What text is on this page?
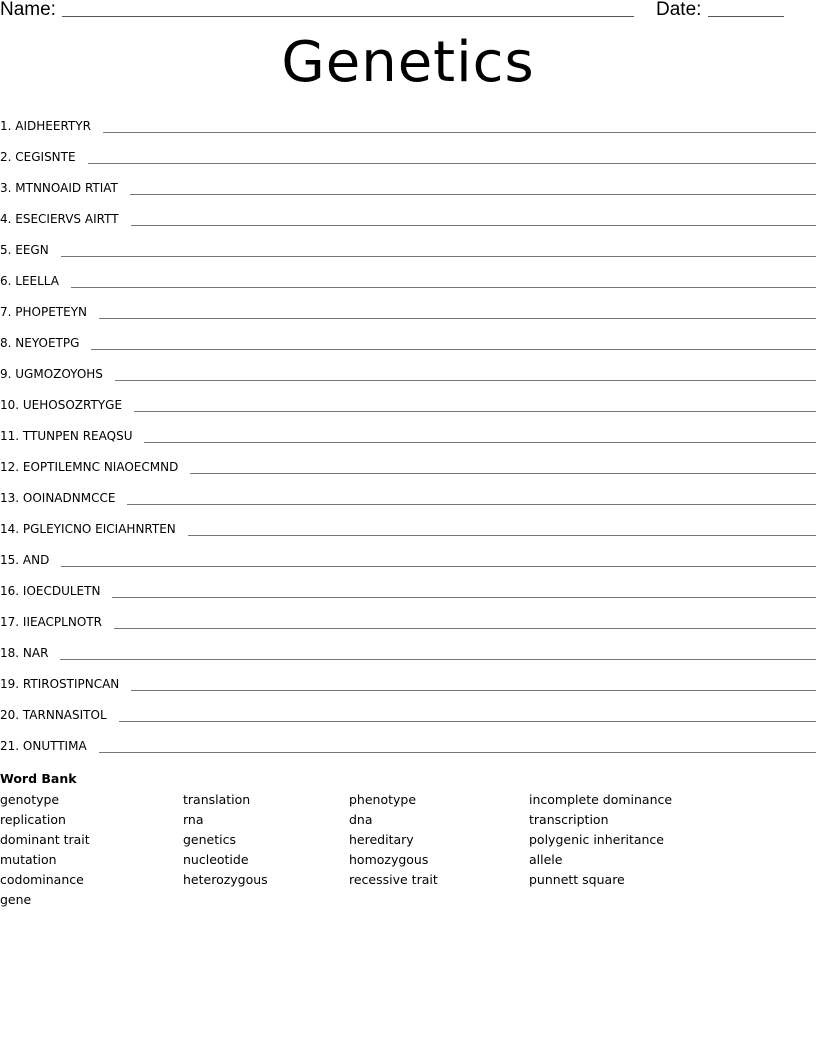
Name:	Date:
Genetics
1. AIDHEERTYR
2. CEGISNTE
3. MTNNOAID RTIAT
4. ESECIERVS AIRTT
5. EEGN
6. LEELLA
7. PHOPETEYN
8. NEYOETPG
9. UGMOZOYOHS
10. UEHOSOZRTYGE
11. TTUNPEN REAQSU
12. EOPTILEMNC NIAOECMND
13. OOINADNMCCE
14. PGLEYICNO EICIAHNRTEN
15. AND
16. IOECDULETN
17. IIEACPLNOTR
18. NAR
19. RTIROSTIPNCAN
20. TARNNASITOL
21. ONUTTIMA
Word Bank
genotype
replication
dominant trait
mutation
codominance
gene
translation
rna
genetics
nucleotide
heterozygous
phenotype
dna
hereditary
homozygous
recessive trait
incomplete dominance
transcription
polygenic inheritance
allele
punnett square
